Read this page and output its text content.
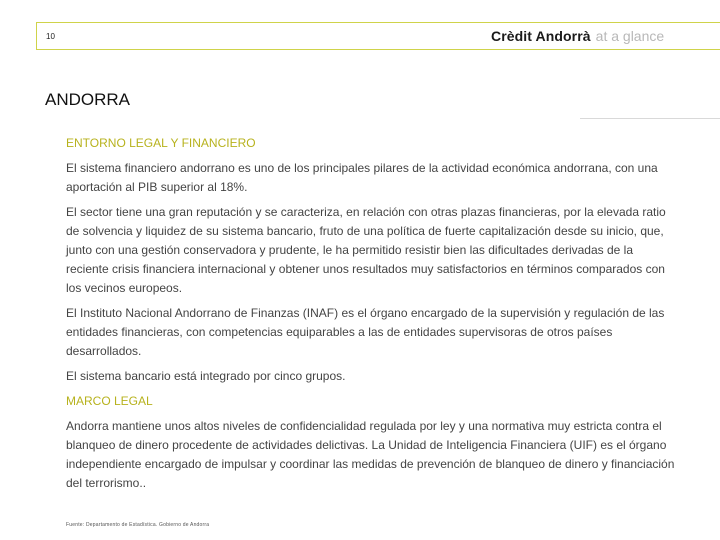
10	Crèdit Andorrà at a glance
ANDORRA

ENTORNO LEGAL Y FINANCIERO

El sistema financiero andorrano es uno de los principales pilares de la actividad económica andorrana, con una aportación al PIB superior al 18%.

El sector tiene una gran reputación y se caracteriza, en relación con otras plazas financieras, por la elevada ratio de solvencia y liquidez de su sistema bancario, fruto de una política de fuerte capitalización desde su inicio, que, junto con una gestión conservadora y prudente, le ha permitido resistir bien las dificultades derivadas de la reciente crisis financiera internacional y obtener unos resultados muy satisfactorios en términos comparados con los vecinos europeos.

El Instituto Nacional Andorrano de Finanzas (INAF) es el órgano encargado de la supervisión y regulación de las entidades financieras, con competencias equiparables a las de entidades supervisoras de otros países desarrollados.

El sistema bancario está integrado por cinco grupos.

MARCO LEGAL

Andorra mantiene unos altos niveles de confidencialidad regulada por ley y una normativa muy estricta contra el blanqueo de dinero procedente de actividades delictivas. La Unidad de Inteligencia Financiera (UIF) es el órgano independiente encargado de impulsar y coordinar las medidas de prevención de blanqueo de dinero y financiación del terrorismo..

Fuente: Departamento de Estadística. Gobierno de Andorra
